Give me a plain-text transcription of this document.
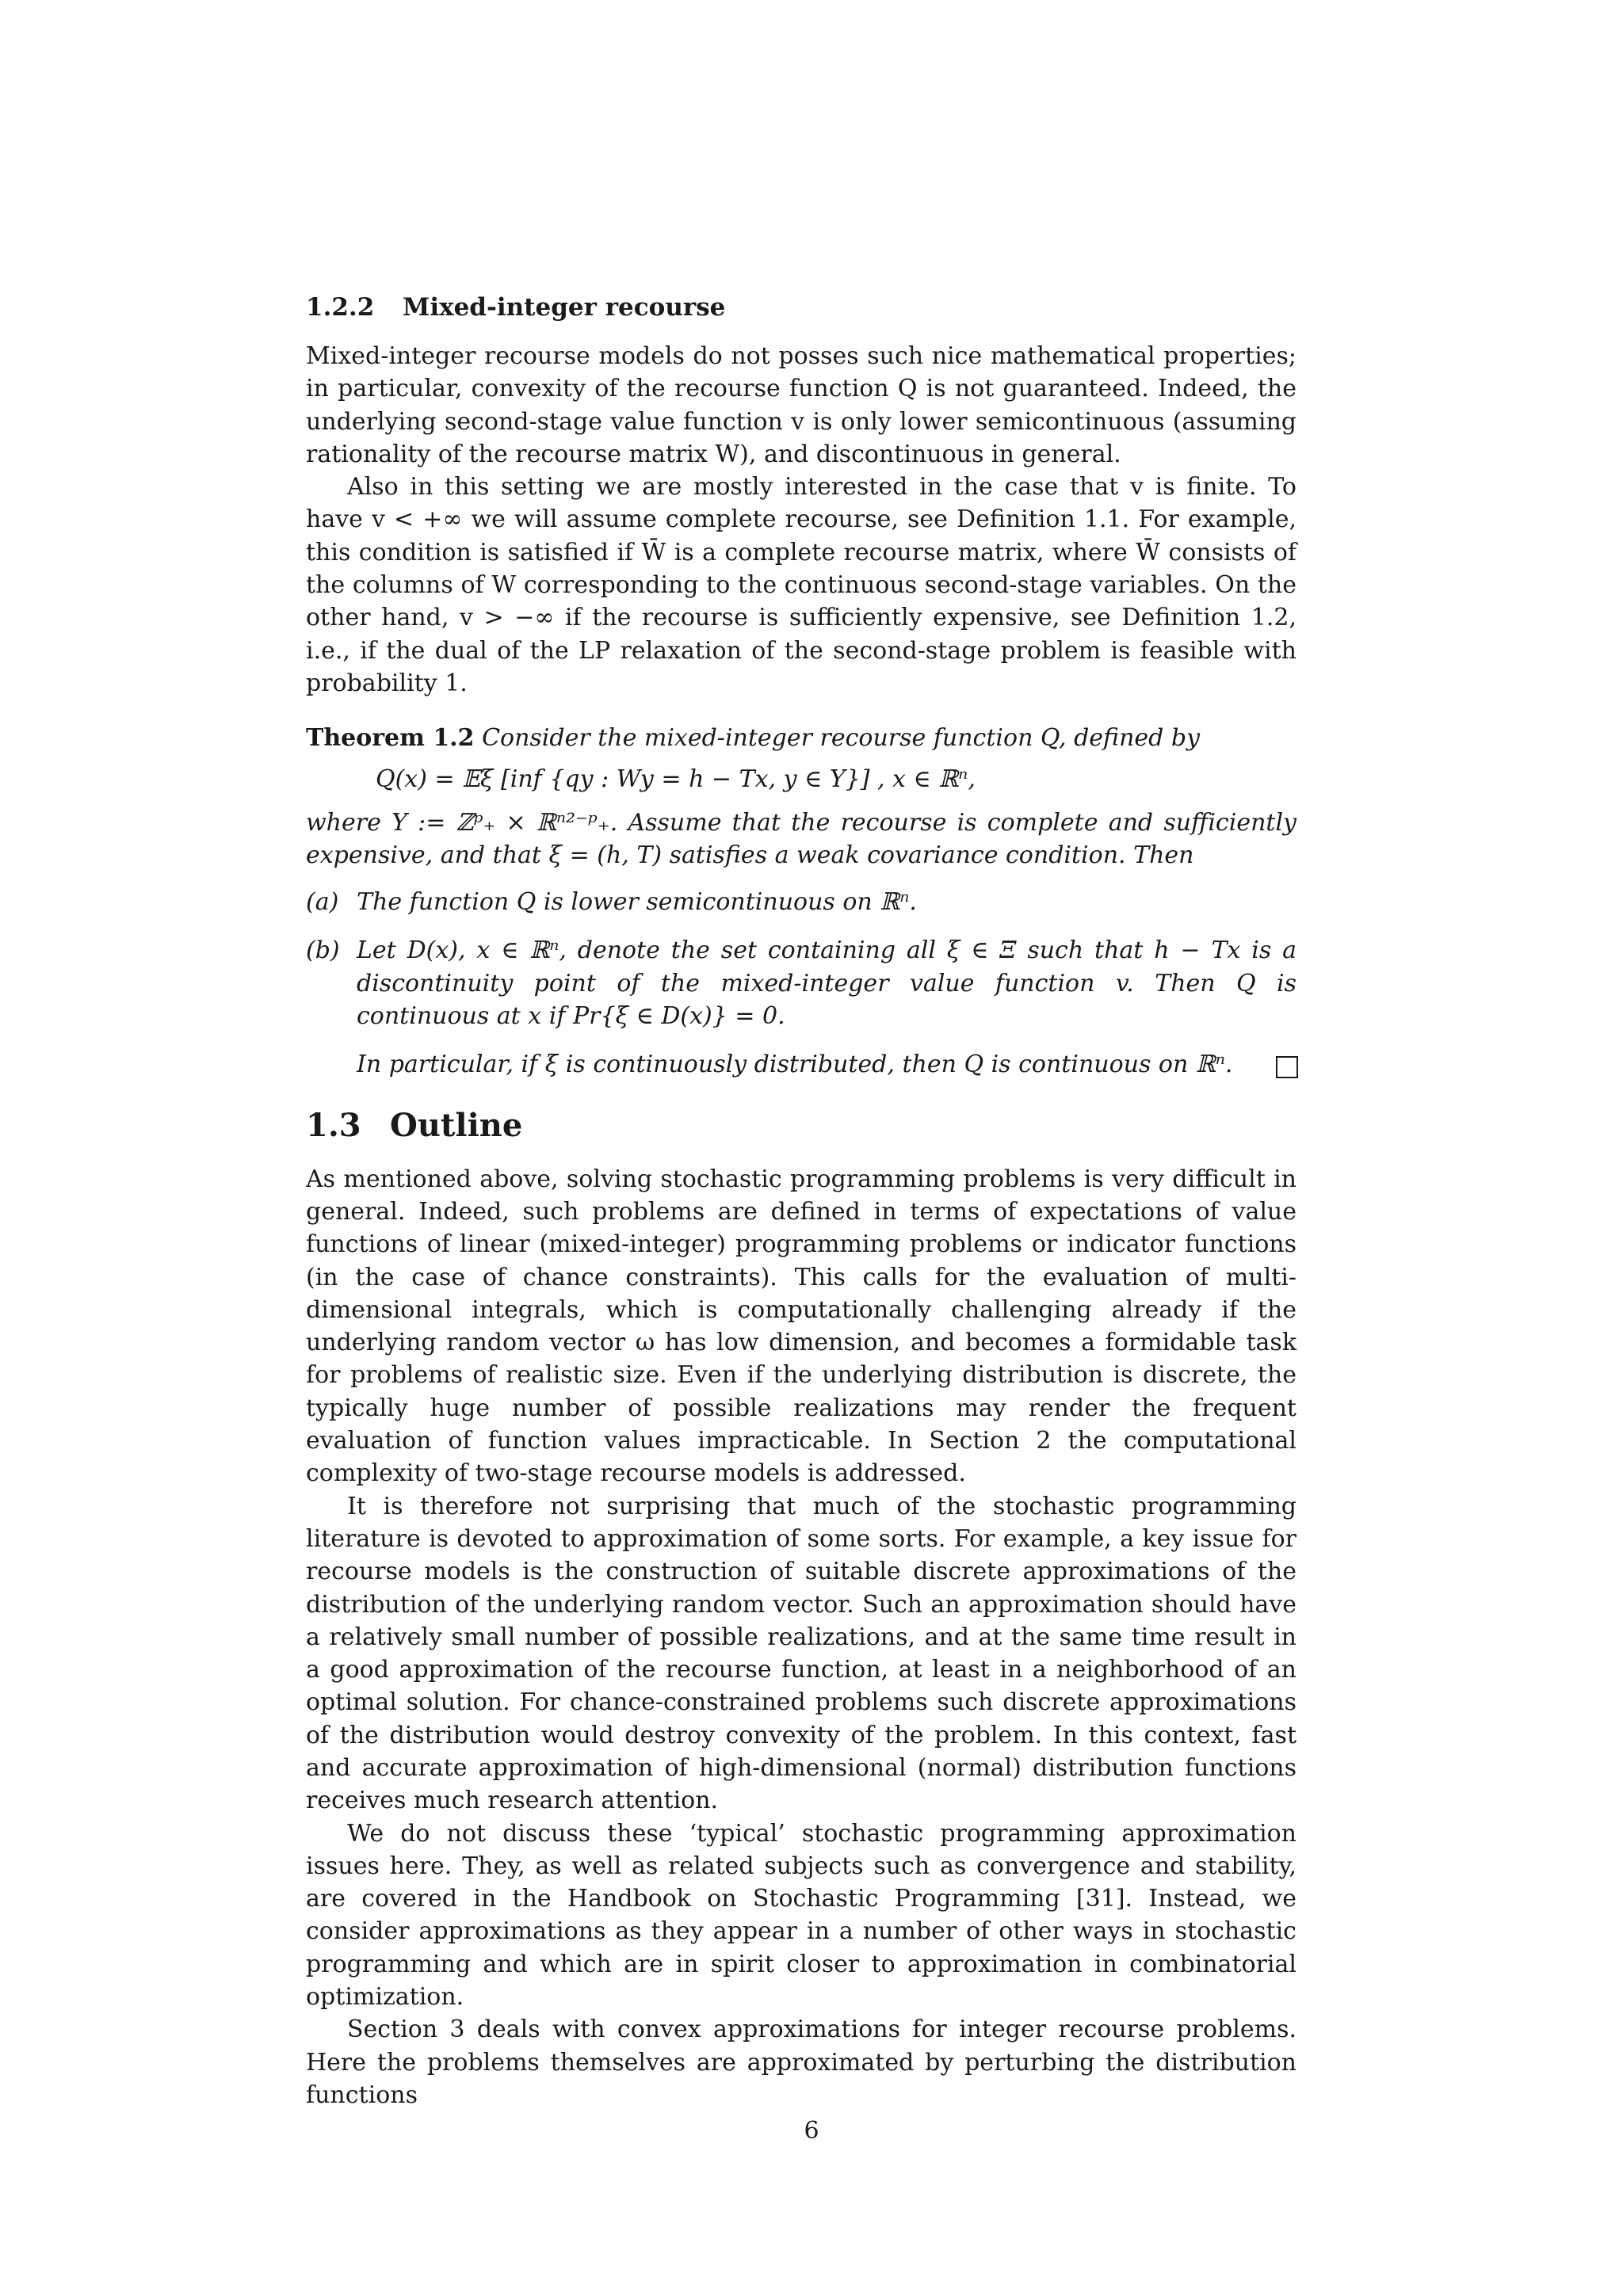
1.2.2 Mixed-integer recourse

Mixed-integer recourse models do not posses such nice mathematical properties; in particular, convexity of the recourse function Q is not guaranteed. Indeed, the underlying second-stage value function v is only lower semicontinuous (assuming rationality of the recourse matrix W), and discontinuous in general.

Also in this setting we are mostly interested in the case that v is finite. To have v < +∞ we will assume complete recourse, see Definition 1.1. For example, this condition is satisfied if W̄ is a complete recourse matrix, where W̄ consists of the columns of W corresponding to the continuous second-stage variables. On the other hand, v > −∞ if the recourse is sufficiently expensive, see Definition 1.2, i.e., if the dual of the LP relaxation of the second-stage problem is feasible with probability 1.

Theorem 1.2 Consider the mixed-integer recourse function Q, defined by

Q(x) = 𝔼ξ [inf {qy : Wy = h − Tx, y ∈ Y}] , x ∈ ℝⁿ,

where Y := ℤᵖ₊ × ℝⁿ²⁻ᵖ₊. Assume that the recourse is complete and sufficiently expensive, and that ξ = (h, T) satisfies a weak covariance condition. Then

(a) The function Q is lower semicontinuous on ℝⁿ.
(b) Let D(x), x ∈ ℝⁿ, denote the set containing all ξ ∈ Ξ such that h − Tx is a discontinuity point of the mixed-integer value function v. Then Q is continuous at x if Pr{ξ ∈ D(x)} = 0.
In particular, if ξ is continuously distributed, then Q is continuous on ℝⁿ.
1.3 Outline

As mentioned above, solving stochastic programming problems is very difficult in general. Indeed, such problems are defined in terms of expectations of value functions of linear (mixed-integer) programming problems or indicator functions (in the case of chance constraints). This calls for the evaluation of multi-dimensional integrals, which is computationally challenging already if the underlying random vector ω has low dimension, and becomes a formidable task for problems of realistic size. Even if the underlying distribution is discrete, the typically huge number of possible realizations may render the frequent evaluation of function values impracticable. In Section 2 the computational complexity of two-stage recourse models is addressed.

It is therefore not surprising that much of the stochastic programming literature is devoted to approximation of some sorts. For example, a key issue for recourse models is the construction of suitable discrete approximations of the distribution of the underlying random vector. Such an approximation should have a relatively small number of possible realizations, and at the same time result in a good approximation of the recourse function, at least in a neighborhood of an optimal solution. For chance-constrained problems such discrete approximations of the distribution would destroy convexity of the problem. In this context, fast and accurate approximation of high-dimensional (normal) distribution functions receives much research attention.

We do not discuss these ‘typical’ stochastic programming approximation issues here. They, as well as related subjects such as convergence and stability, are covered in the Handbook on Stochastic Programming [31]. Instead, we consider approximations as they appear in a number of other ways in stochastic programming and which are in spirit closer to approximation in combinatorial optimization.

Section 3 deals with convex approximations for integer recourse problems. Here the problems themselves are approximated by perturbing the distribution functions

6
